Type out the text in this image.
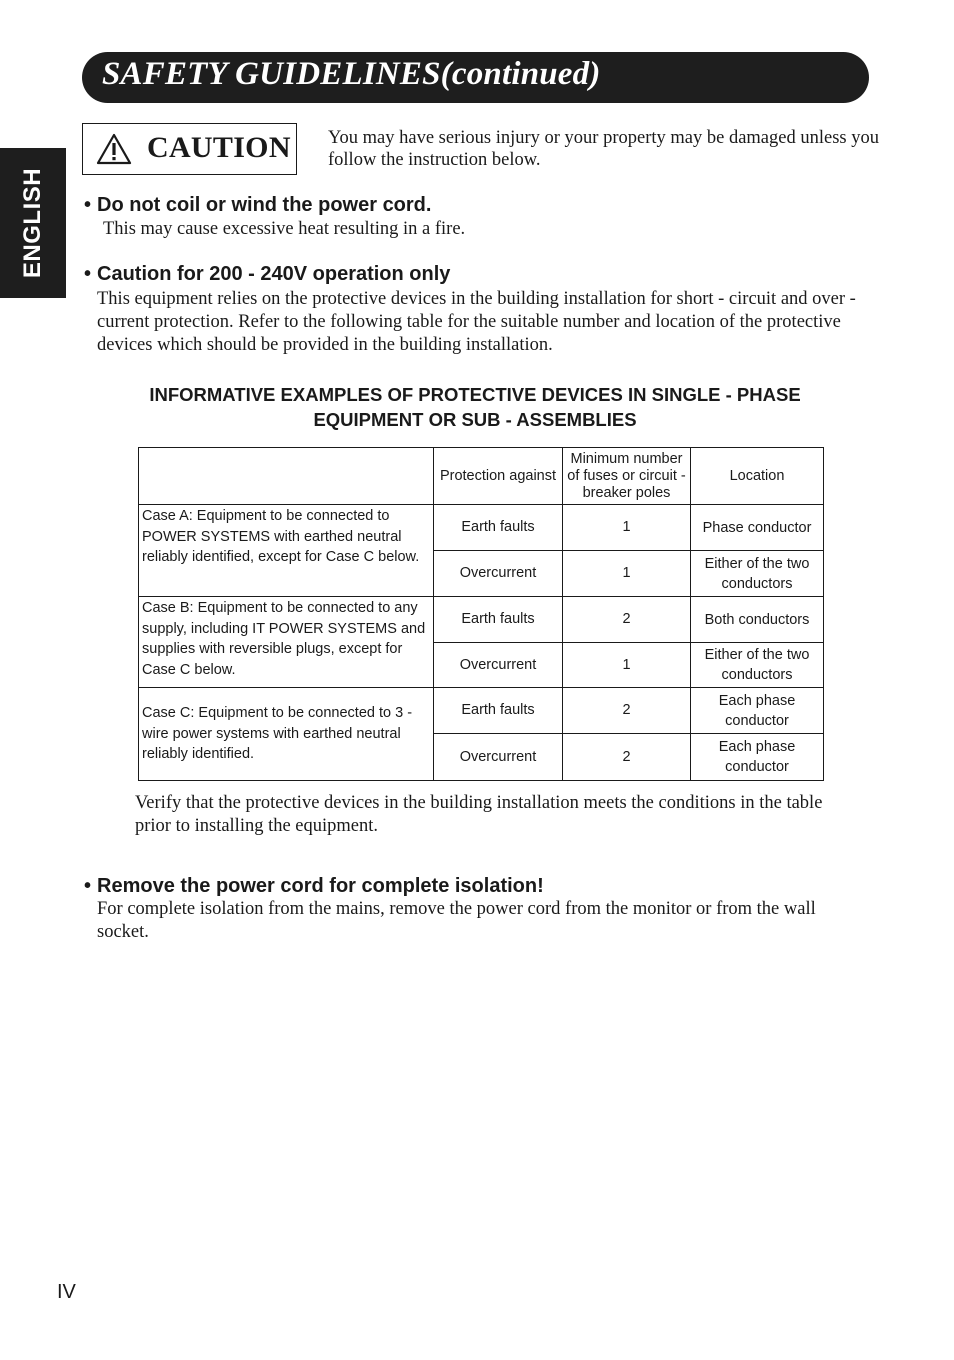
SAFETY GUIDELINES(continued)
ENGLISH
CAUTION You may have serious injury or your property may be damaged unless you follow the instruction below.
• Do not coil or wind the power cord.
This may cause excessive heat resulting in a fire.
• Caution for 200 - 240V operation only
This equipment relies on the protective devices in the building installation for short - circuit and over - current protection. Refer to the following table for the suitable number and location of the protective devices which should be provided in the building installation.
INFORMATIVE EXAMPLES OF PROTECTIVE DEVICES IN SINGLE - PHASE
EQUIPMENT OR SUB - ASSEMBLIES
	Protection against	Minimum number of fuses or circuit - breaker poles	Location
Case A: Equipment to be connected to POWER SYSTEMS with earthed neutral reliably identified, except for Case C below.	Earth faults	1	Phase conductor
	Overcurrent	1	Either of the two conductors
Case B: Equipment to be connected to any supply, including IT POWER SYSTEMS and supplies with reversible plugs, except for Case C below.	Earth faults	2	Both conductors
	Overcurrent	1	Either of the two conductors
Case C: Equipment to be connected to 3 - wire power systems with earthed neutral reliably identified.	Earth faults	2	Each phase conductor
	Overcurrent	2	Each phase conductor
Verify that the protective devices in the building installation meets the conditions in the table prior to installing the equipment.
• Remove the power cord for complete isolation!
For complete isolation from the mains, remove the power cord from the monitor or from the wall socket.
IV
